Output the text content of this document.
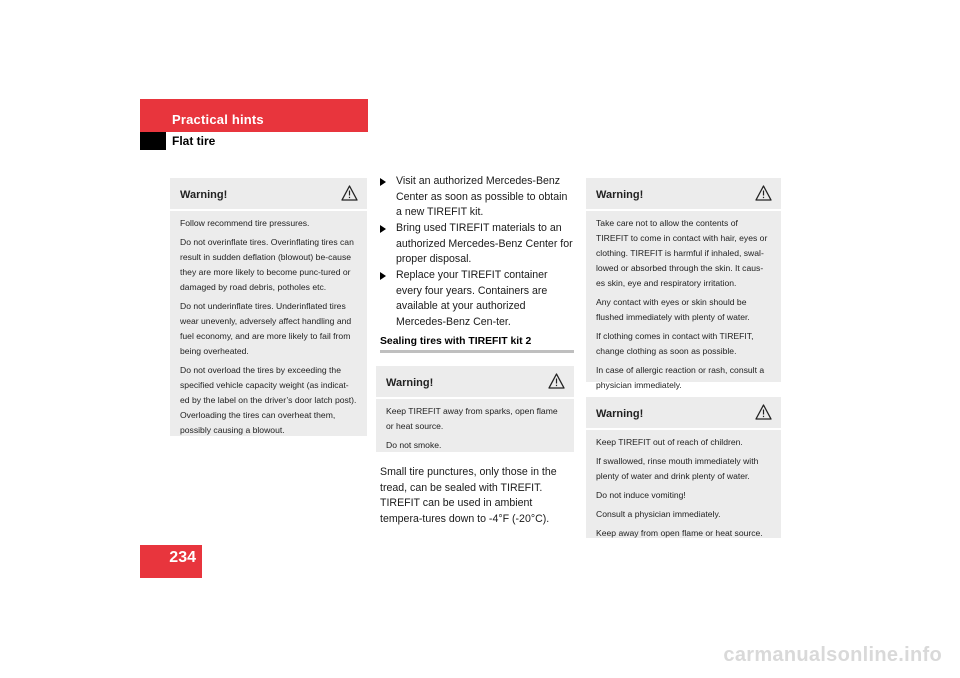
Practical hints
Flat tire
234
Warning!

Follow recommend tire pressures.

Do not overinflate tires. Overinflating tires can result in sudden deflation (blowout) be-cause they are more likely to become punc-tured or damaged by road debris, potholes etc.

Do not underinflate tires. Underinflated tires wear unevenly, adversely affect handling and fuel economy, and are more likely to fail from being overheated.

Do not overload the tires by exceeding the specified vehicle capacity weight (as indicat-ed by the label on the driver’s door latch post). Overloading the tires can overheat them, possibly causing a blowout.

Visit an authorized Mercedes-Benz Center as soon as possible to obtain a new TIREFIT kit.
Bring used TIREFIT materials to an authorized Mercedes-Benz Center for proper disposal.
Replace your TIREFIT container every four years. Containers are available at your authorized Mercedes-Benz Cen-ter.
Sealing tires with TIREFIT kit 2
Warning!

Keep TIREFIT away from sparks, open flame or heat source.

Do not smoke.

Small tire punctures, only those in the tread, can be sealed with TIREFIT. TIREFIT can be used in ambient tempera-tures down to -4°F (-20°C).
Warning!

Take care not to allow the contents of TIREFIT to come in contact with hair, eyes or clothing. TIREFIT is harmful if inhaled, swal-lowed or absorbed through the skin. It caus-es skin, eye and respiratory irritation.

Any contact with eyes or skin should be flushed immediately with plenty of water.

If clothing comes in contact with TIREFIT, change clothing as soon as possible.

In case of allergic reaction or rash, consult a physician immediately.

Warning!

Keep TIREFIT out of reach of children.

If swallowed, rinse mouth immediately with plenty of water and drink plenty of water.

Do not induce vomiting!

Consult a physician immediately.

Keep away from open flame or heat source.

carmanualsonline.info
